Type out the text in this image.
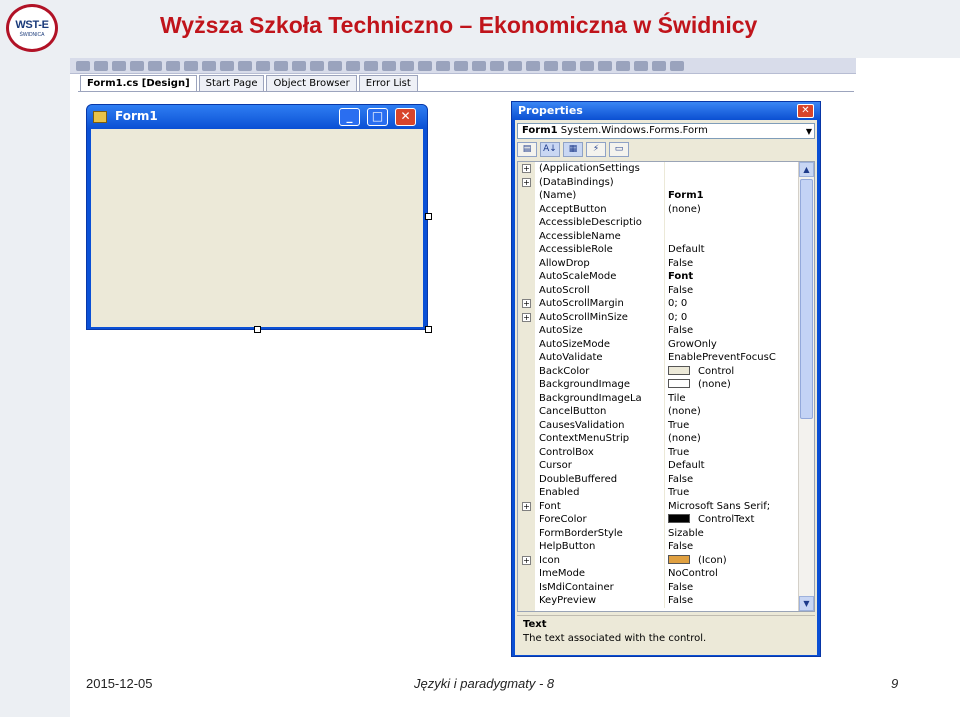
WST-E
ŚWIDNICA	Wyższa Szkoła Techniczno – Ekonomiczna w Świdnicy
Form1.cs [Design]	Start Page	Object Browser	Error List
Form1	_	□	✕	Properties	✕
Form1 System.Windows.Forms.Form	▼
▤	A↓	▦	⚡	▭
+ (ApplicationSettings
+ (DataBindings)
(Name)	Form1
AcceptButton	(none)
AccessibleDescriptio
AccessibleName
AccessibleRole	Default
AllowDrop	False
AutoScaleMode	Font
AutoScroll	False
+ AutoScrollMargin	0; 0
+ AutoScrollMinSize	0; 0
AutoSize	False
AutoSizeMode	GrowOnly
AutoValidate	EnablePreventFocusC
BackColor	Control
BackgroundImage	(none)
BackgroundImageLa	Tile
CancelButton	(none)
CausesValidation	True
ContextMenuStrip	(none)
ControlBox	True
Cursor	Default
DoubleBuffered	False
Enabled	True
+ Font	Microsoft Sans Serif;
ForeColor	ControlText
FormBorderStyle	Sizable
HelpButton	False
+ Icon	(Icon)
ImeMode	NoControl
IsMdiContainer	False
KeyPreview	False
▲
▼
Text
The text associated with the control.
2015-12-05	Języki i paradygmaty - 8	9
